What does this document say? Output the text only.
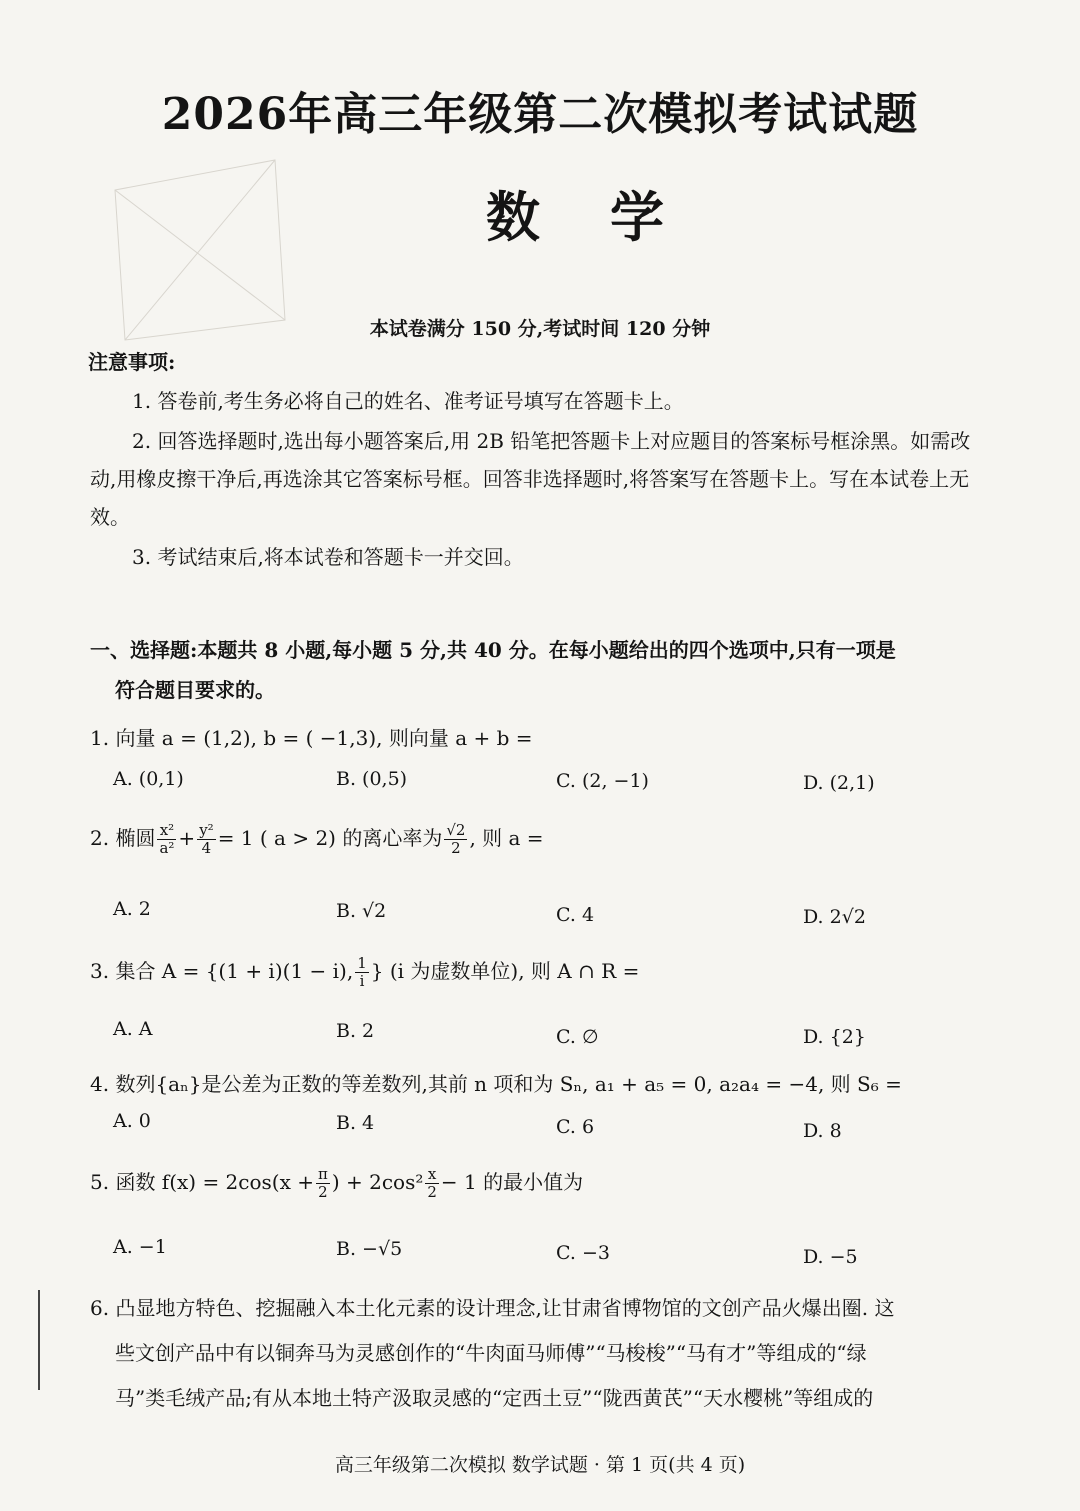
2026年高三年级第二次模拟考试试题
数学
本试卷满分 150 分,考试时间 120 分钟
注意事项:
1. 答卷前,考生务必将自己的姓名、准考证号填写在答题卡上。
2. 回答选择题时,选出每小题答案后,用 2B 铅笔把答题卡上对应题目的答案标号框涂黑。如需改动,用橡皮擦干净后,再选涂其它答案标号框。回答非选择题时,将答案写在答题卡上。写在本试卷上无效。
3. 考试结束后,将本试卷和答题卡一并交回。
一、选择题:本题共 8 小题,每小题 5 分,共 40 分。在每小题给出的四个选项中,只有一项是
符合题目要求的。
1. 向量 a = (1,2), b = ( −1,3), 则向量 a + b =
A. (0,1)	B. (0,5)	C. (2, −1)	D. (2,1)
2. 椭圆 $\frac{\text{x²}}{\text{a²}} + \frac{\text{y²}}{4} = 1$ ( a > 2) 的离心率为 $\frac{√2}{2}$ , 则 a =
A. 2	B. √2	C. 4	D. 2√2
3. 集合 A = {(1 + i)(1 − i), $\frac{1}{i}$ } (i 为虚数单位), 则 A ∩ R =
A. A	B. 2	C. ∅	D. {2}
4. 数列{aₙ}是公差为正数的等差数列,其前 n 项和为 Sₙ, a₁ + a₅ = 0, a₂a₄ = −4, 则 S₆ =
A. 0	B. 4	C. 6	D. 8
5. 函数 $f(x) = 2\cos(x + \frac{\pi}{2}$ ) + $2\cos^2 \frac{x}{2} - 1$ 的最小值为
A. −1	B. −√5	C. −3	D. −5
6. 凸显地方特色、挖掘融入本土化元素的设计理念,让甘肃省博物馆的文创产品火爆出圈. 这
些文创产品中有以铜奔马为灵感创作的“牛肉面马师傅”“马梭梭”“马有才”等组成的“绿
马”类毛绒产品;有从本地土特产汲取灵感的“定西土豆”“陇西黄芪”“天水樱桃”等组成的
高三年级第二次模拟 数学试题 · 第 1 页(共 4 页)
